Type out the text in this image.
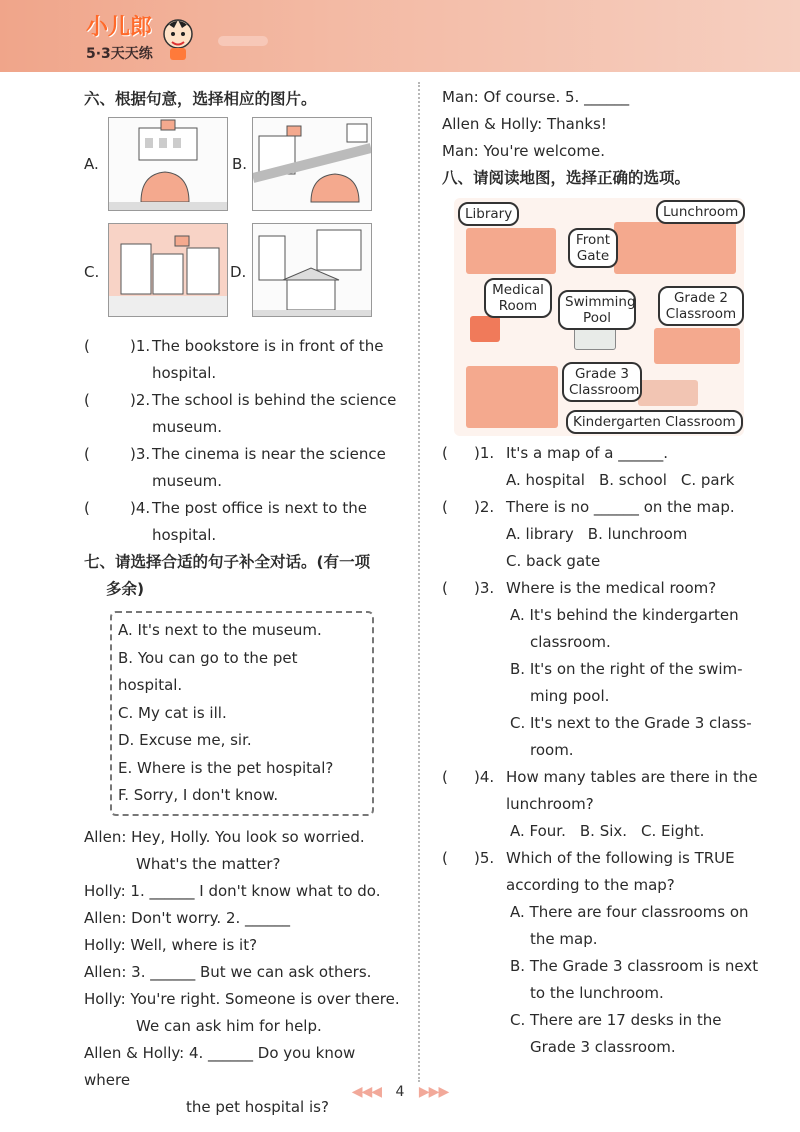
小儿郎
5·3天天练
六、根据句意，选择相应的图片。
A.	B.
C.	D.
(	)1. The bookstore is in front of the
hospital.
(	)2. The school is behind the science
museum.
(	)3. The cinema is near the science
museum.
(	)4. The post office is next to the
hospital.
七、请选择合适的句子补全对话。(有一项
多余)
A. It's next to the museum.
B. You can go to the pet hospital.
C. My cat is ill.
D. Excuse me, sir.
E. Where is the pet hospital?
F. Sorry, I don't know.
Allen: Hey, Holly. You look so worried.
What's the matter?
Holly: 1. ______ I don't know what to do.
Allen: Don't worry. 2. ______
Holly: Well, where is it?
Allen: 3. ______ But we can ask others.
Holly: You're right. Someone is over there.
We can ask him for help.
Allen & Holly: 4. ______ Do you know where
the pet hospital is?
Man: Of course. 5. ______
Allen & Holly: Thanks!
Man: You're welcome.
八、请阅读地图，选择正确的选项。
Library	Lunchroom
Front Gate
Medical Room	Swimming Pool
Grade 2 Classroom
Grade 3 Classroom
Kindergarten Classroom
( )1. It's a map of a ______.
A. hospital B. school C. park
( )2. There is no ______ on the map.
A. library B. lunchroom
C. back gate
( )3. Where is the medical room?
A. It's behind the kindergarten
classroom.
B. It's on the right of the swim-
ming pool.
C. It's next to the Grade 3 class-
room.
( )4. How many tables are there in the
lunchroom?
A. Four. B. Six. C. Eight.
( )5. Which of the following is TRUE
according to the map?
A. There are four classrooms on
the map.
B. The Grade 3 classroom is next
to the lunchroom.
C. There are 17 desks in the
Grade 3 classroom.
◀◀◀ 4 ▶▶▶
